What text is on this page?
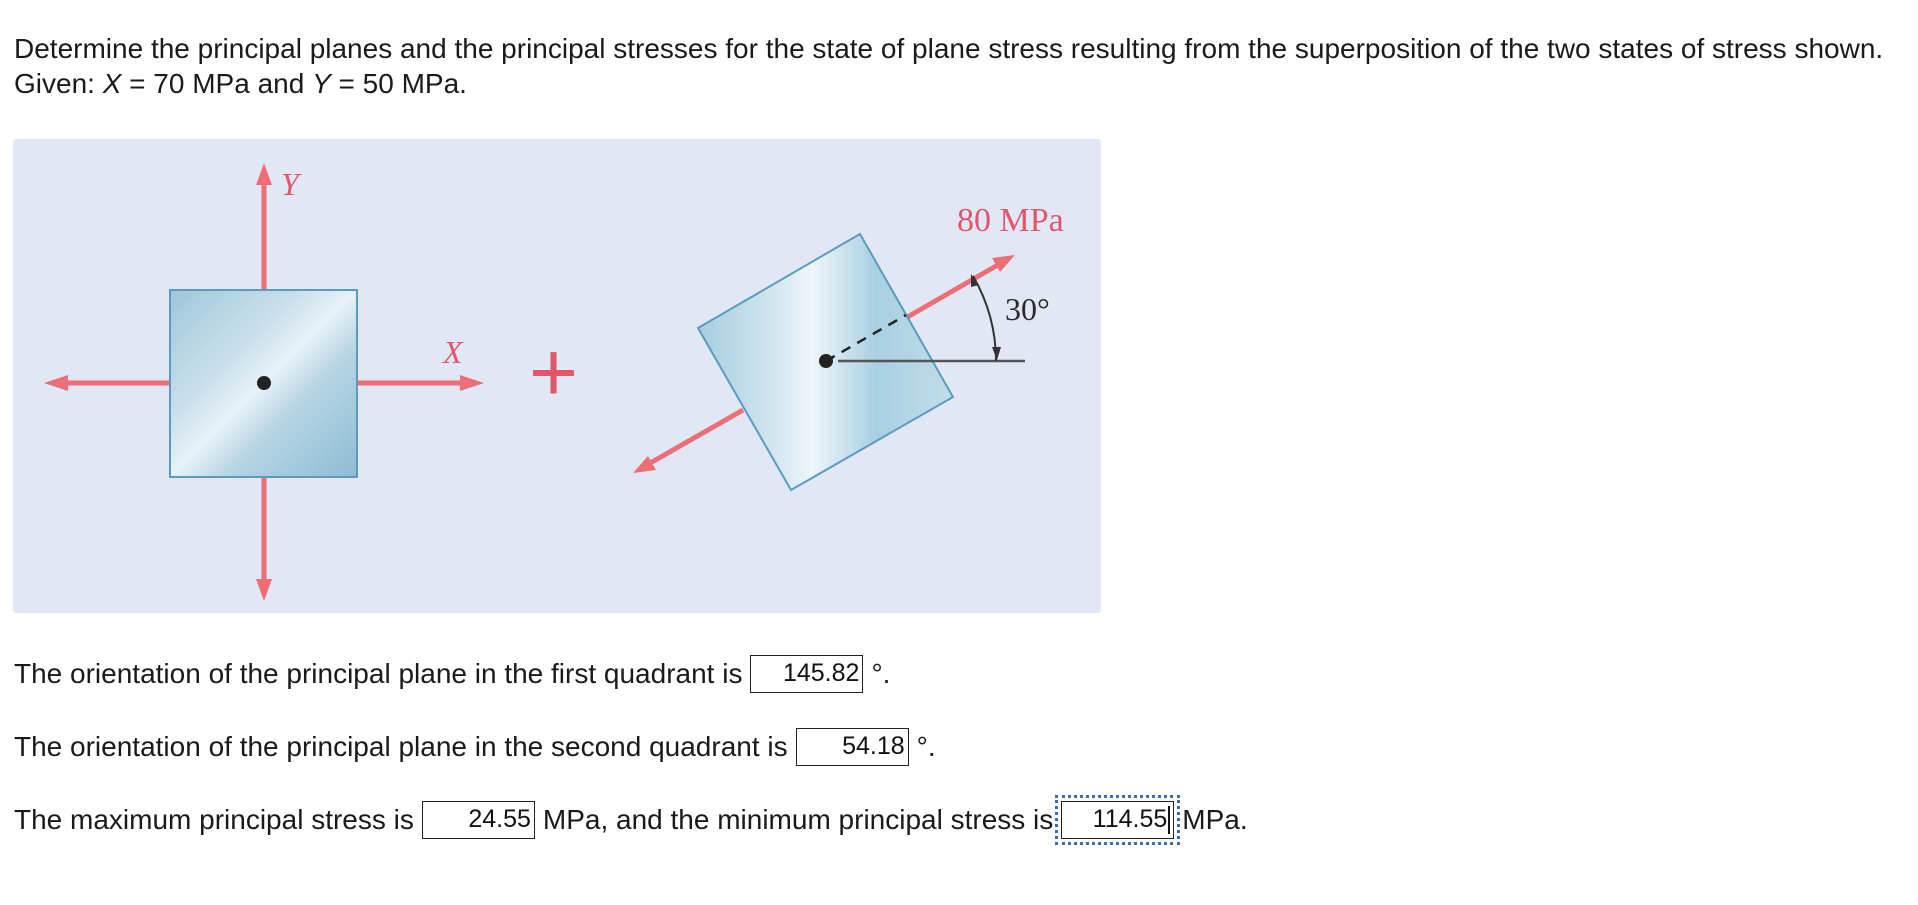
Determine the principal planes and the principal stresses for the state of plane stress resulting from the superposition of the two states of stress shown. Given: X = 70 MPa and Y = 50 MPa.

Y
X +
80 MPa
30°
The orientation of the principal plane in the first quadrant is	145.82 °.
The orientation of the principal plane in the second quadrant is	54.18 °.
The maximum principal stress is	24.55 MPa, and the minimum principal stress is	114.55 MPa.
